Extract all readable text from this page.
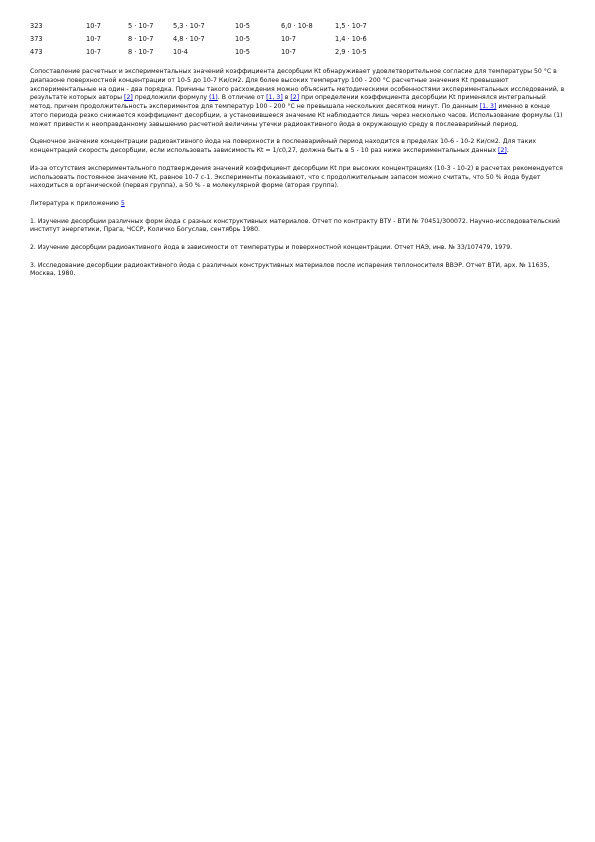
323	10-7	5 · 10-7	5,3 · 10-7	10-5	6,0 · 10-8	1,5 · 10-7
373	10-7	8 · 10-7	4,8 · 10-7	10-5	10-7	1,4 · 10-6
473	10-7	8 · 10-7	10-4	10-5	10-7	2,9 · 10-5

Сопоставление расчетных и экспериментальных значений коэффициента десорбции Кt обнаруживает удовлетворительное согласие для температуры 50 °С в диапазоне поверхностной концентрации от 10-5 до 10-7 Ки/см2. Для более высоких температур 100 - 200 °С расчетные значения Кt превышают экспериментальные на один - два порядка. Причины такого расхождения можно объяснить методическими особенностями экспериментальных исследований, в результате которых авторы [2] предложили формулу (1). В отличие от [1, 3] в [2] при определении коэффициента десорбции Кt применялся интегральный метод, причем продолжительность экспериментов для температур 100 - 200 °С не превышала нескольких десятков минут. По данным [1, 3] именно в конце этого периода резко снижается коэффициент десорбции, а установившееся значение Кt наблюдается лишь через несколько часов. Использование формулы (1) может привести к неоправданному завышению расчетной величины утечки радиоактивного йода в окружающую среду в послеаварийный период.

Оценочное значение концентрации радиоактивного йода на поверхности в послеаварийный период находится в пределах 10-6 - 10-2 Ки/см2. Для таких концентраций скорость десорбции, если использовать зависимость Кt = 1/с0,27, должна быть в 5 - 10 раз ниже экспериментальных данных [2].

Из-за отсутствия экспериментального подтверждения значений коэффициент десорбции Кt при высоких концентрациях (10-3 - 10-2) в расчетах рекомендуется использовать постоянное значение Кt, равное 10-7 с-1. Эксперименты показывают, что с продолжительным запасом можно считать, что 50 % йода будет находиться в органической (первая группа), а 50 % - в молекулярной форме (вторая группа).

Литература к приложению 5

1. Изучение десорбции различных форм йода с разных конструктивных материалов. Отчет по контракту ВТУ - ВТИ № 70451/300072. Научно-исследовательский институт энергетики, Прага, ЧССР, Количко Богуслав, сентябрь 1980.

2. Изучение десорбции радиоактивного йода в зависимости от температуры и поверхностной концентрации. Отчет НАЭ, инв. № 33/107479, 1979.

3. Исследование десорбции радиоактивного йода с различных конструктивных материалов после испарения теплоносителя ВВЭР. Отчет ВТИ, арх. № 11635, Москва, 1980.
